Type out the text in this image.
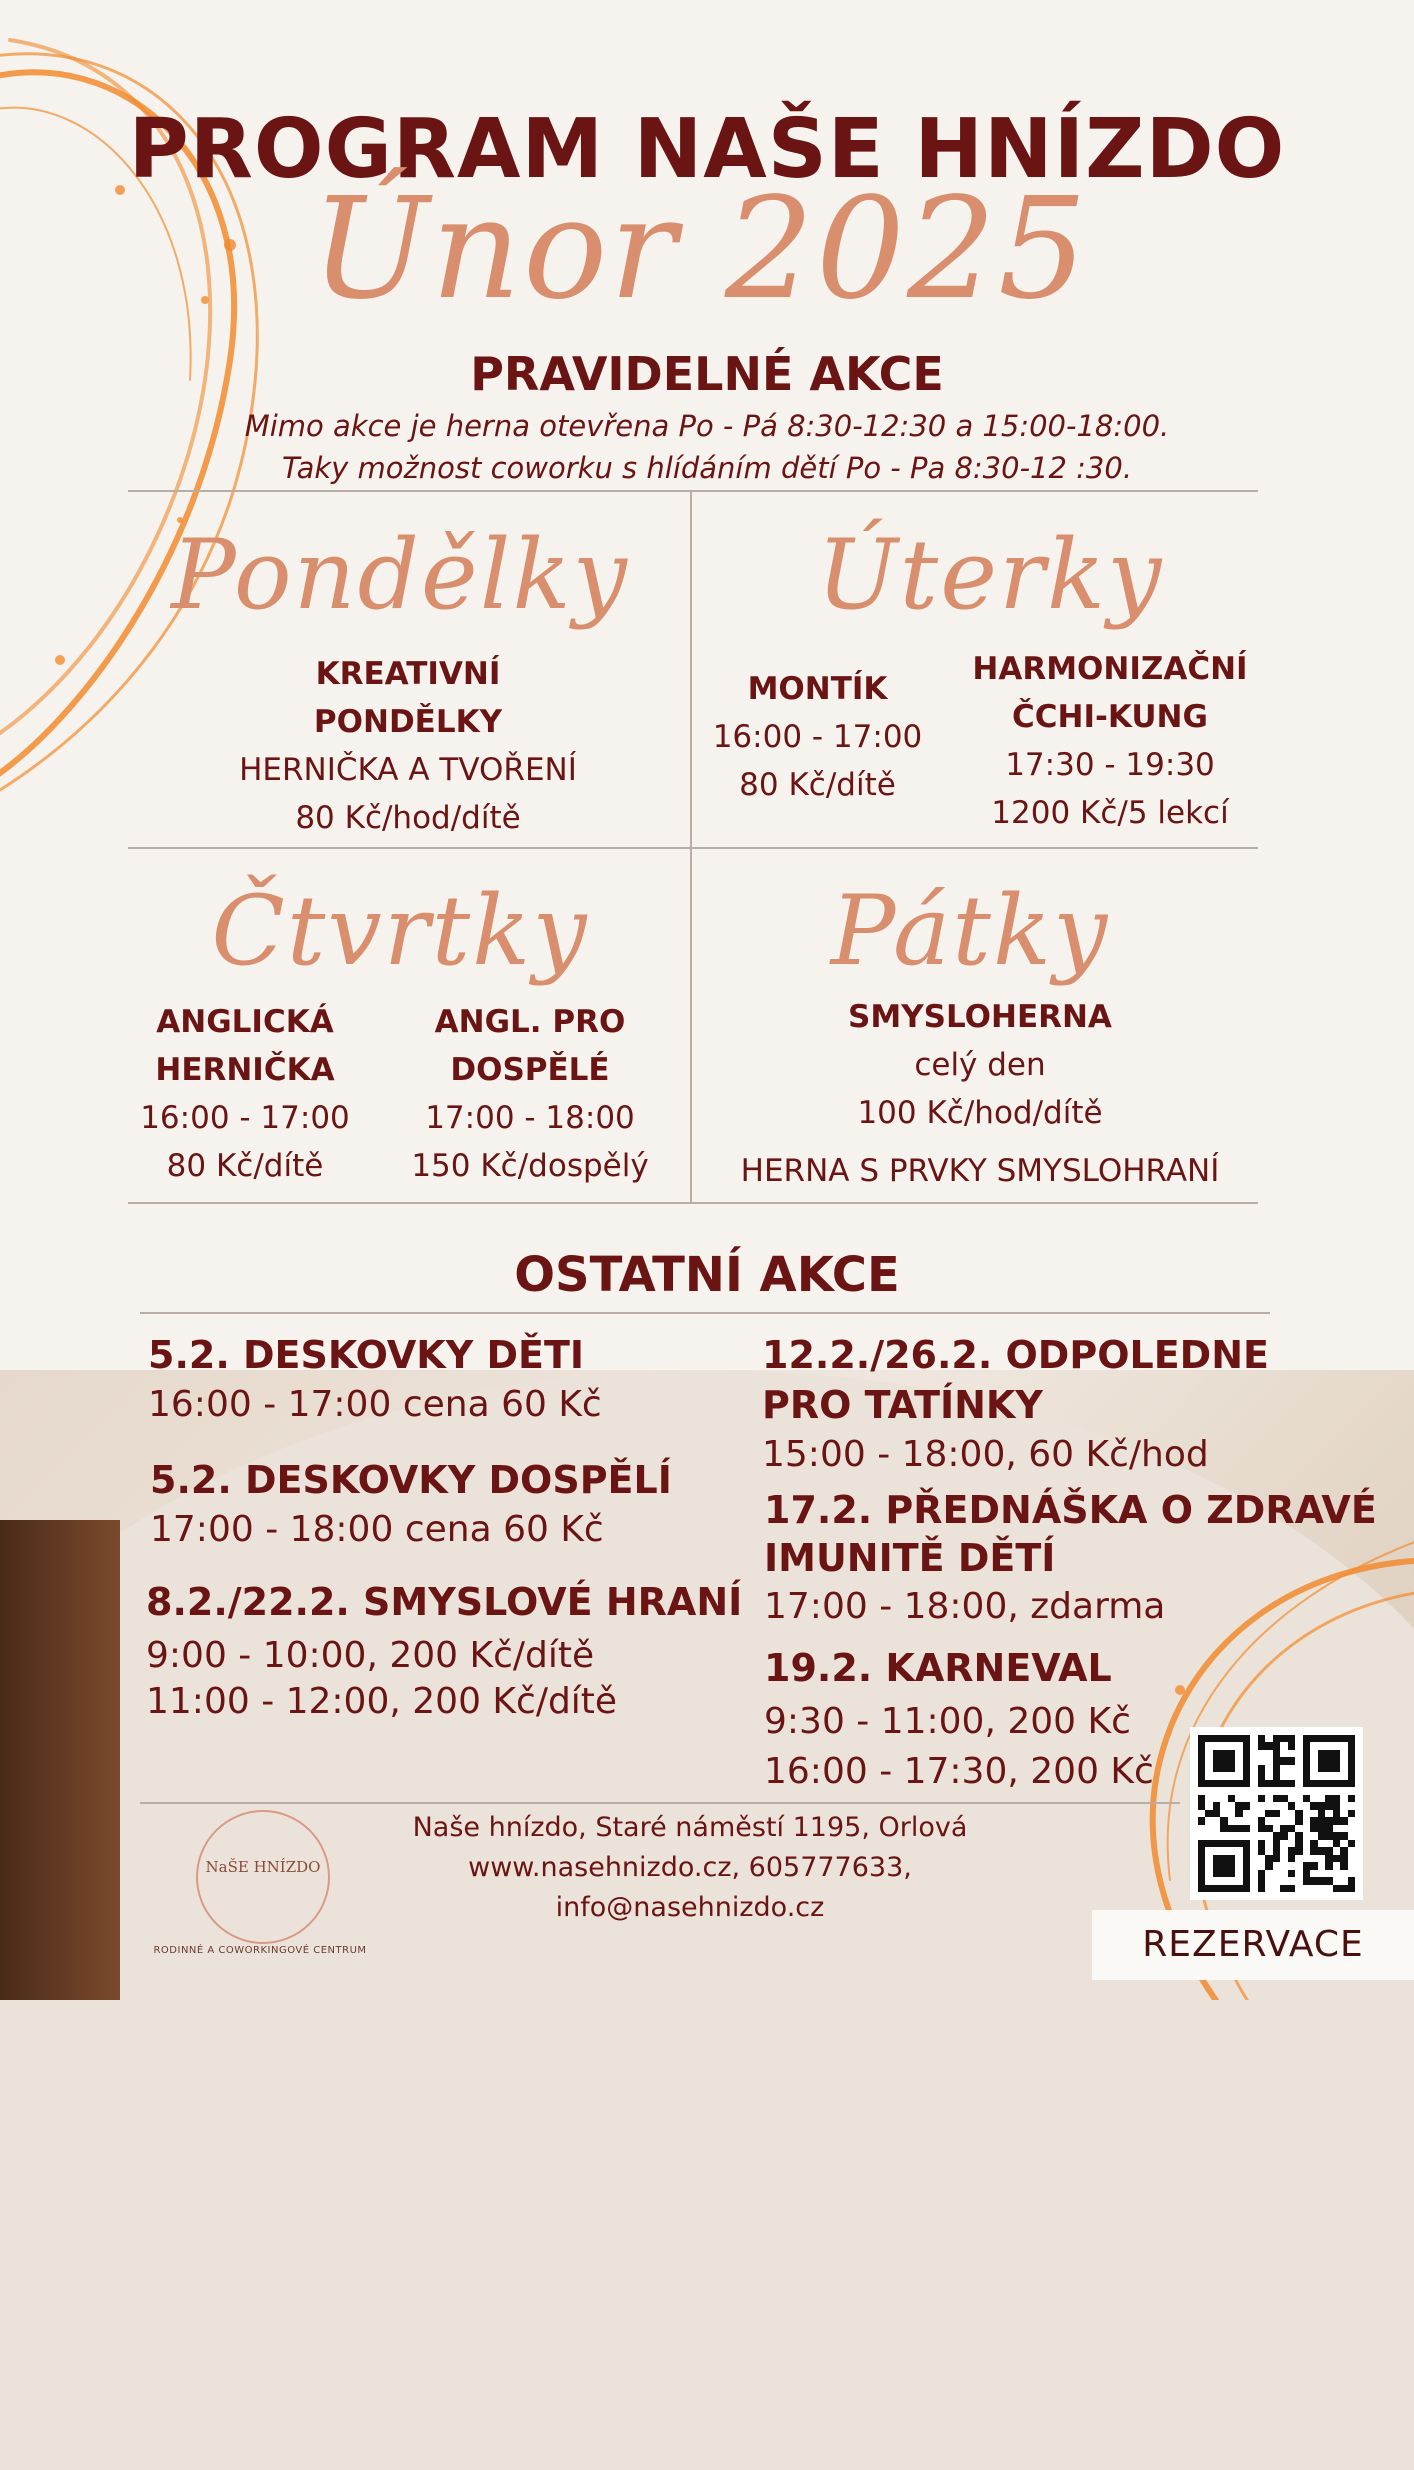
PROGRAM NAŠE HNÍZDO
Únor 2025
PRAVIDELNÉ AKCE
Mimo akce je herna otevřena Po - Pá 8:30-12:30 a 15:00-18:00.
Taky možnost coworku s hlídáním dětí Po - Pa 8:30-12 :30.
Pondělky
KREATIVNÍ
PONDĚLKY
HERNIČKA A TVOŘENÍ
80 Kč/hod/dítě
Úterky
MONTÍK
16:00 - 17:00
80 Kč/dítě
HARMONIZAČNÍ
ČCHI-KUNG
17:30 - 19:30
1200 Kč/5 lekcí
Čtvrtky
ANGLICKÁ
HERNIČKA
16:00 - 17:00
80 Kč/dítě
ANGL. PRO
DOSPĚLÉ
17:00 - 18:00
150 Kč/dospělý
Pátky
SMYSLOHERNA
celý den
100 Kč/hod/dítě
HERNA S PRVKY SMYSLOHRANÍ
OSTATNÍ AKCE
5.2. DESKOVKY DĚTI
16:00 - 17:00 cena 60 Kč
5.2. DESKOVKY DOSPĚLÍ
17:00 - 18:00 cena 60 Kč
8.2./22.2. SMYSLOVÉ HRANÍ
9:00 - 10:00, 200 Kč/dítě
11:00 - 12:00, 200 Kč/dítě
12.2./26.2. ODPOLEDNE
PRO TATÍNKY
15:00 - 18:00, 60 Kč/hod
17.2. PŘEDNÁŠKA O ZDRAVÉ
IMUNITĚ DĚTÍ
17:00 - 18:00, zdarma
19.2. KARNEVAL
9:30 - 11:00, 200 Kč
16:00 - 17:30, 200 Kč
NaŠE HNÍZDO
RODINNÉ A COWORKINGOVÉ CENTRUM
Naše hnízdo, Staré náměstí 1195, Orlová
www.nasehnizdo.cz, 605777633,
info@nasehnizdo.cz
REZERVACE
